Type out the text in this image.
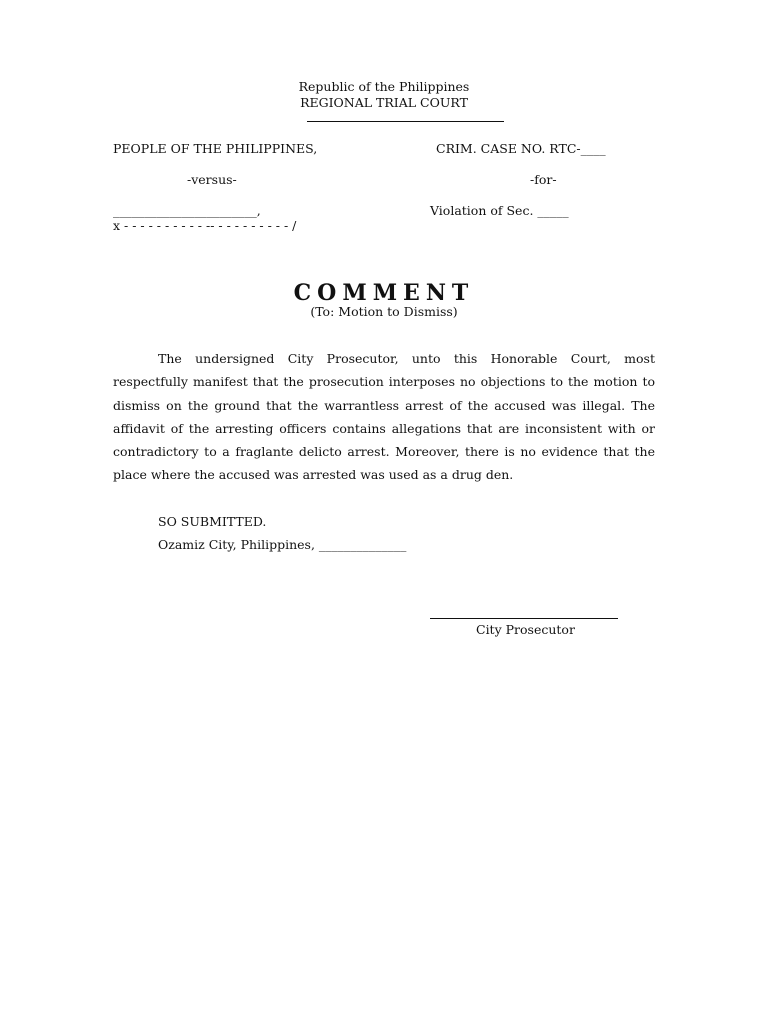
Republic of the Philippines
REGIONAL TRIAL COURT
PEOPLE OF THE PHILIPPINES,	CRIM. CASE NO. RTC-____
-versus-	-for-
_______________________,	Violation of Sec. _____
x - - - - - - - - - - -- - - - - - - - - - /
COMMENT
(To: Motion to Dismiss)
The undersigned City Prosecutor, unto this Honorable Court, most respectfully manifest that the prosecution interposes no objections to the motion to dismiss on the ground that the warrantless arrest of the accused was illegal. The affidavit of the arresting officers contains allegations that are inconsistent with or contradictory to a fraglante delicto arrest. Moreover, there is no evidence that the place where the accused was arrested was used as a drug den.
SO SUBMITTED.
Ozamiz City, Philippines, ______________
City Prosecutor
